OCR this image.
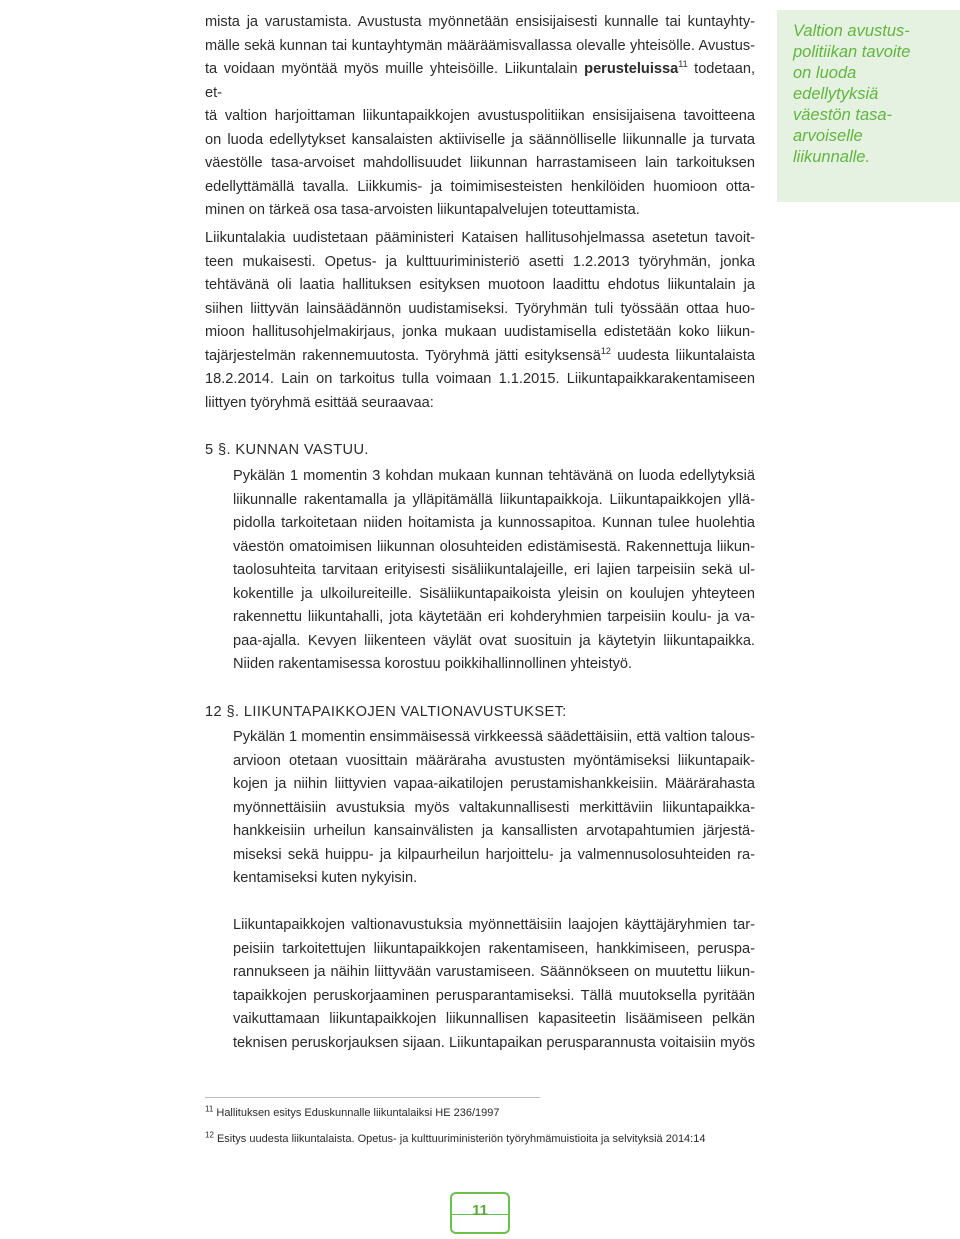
mista ja varustamista. Avustusta myönnetään ensisijaisesti kunnalle tai kuntayhty-
mälle sekä kunnan tai kuntayhtymän määräämisvallassa olevalle yhteisölle. Avustus-
ta voidaan myöntää myös muille yhteisöille. Liikuntalain perusteluissa$^{11}$ todetaan, et-
tä valtion harjoittaman liikuntapaikkojen avustuspolitiikan ensisijaisena tavoitteena
on luoda edellytykset kansalaisten aktiiviselle ja säännölliselle liikunnalle ja turvata
väestölle tasa-arvoiset mahdollisuudet liikunnan harrastamiseen lain tarkoituksen
edellyttämällä tavalla. Liikkumis- ja toimimisesteisten henkilöiden huomioon otta-
minen on tärkeä osa tasa-arvoisten liikuntapalvelujen toteuttamista.

Valtion avustus-
politiikan tavoite
on luoda
edellytyksiä
väestön tasa-
arvoiselle
liikunnalle.

Liikuntalakia uudistetaan pääministeri Kataisen hallitusohjelmassa asetetun tavoit-
teen mukaisesti. Opetus- ja kulttuuriministeriö asetti 1.2.2013 työryhmän, jonka
tehtävänä oli laatia hallituksen esityksen muotoon laadittu ehdotus liikuntalain ja
siihen liittyvän lainsäädännön uudistamiseksi. Työryhmän tuli työssään ottaa huo-
mioon hallitusohjelmakirjaus, jonka mukaan uudistamisella edistetään koko liikun-
tajärjestelmän rakennemuutosta. Työryhmä jätti esityksensä$^{12}$ uudesta liikuntalaista
18.2.2014. Lain on tarkoitus tulla voimaan 1.1.2015. Liikuntapaikkarakentamiseen
liittyen työryhmä esittää seuraavaa:

5 §. KUNNAN VASTUU.

Pykälän 1 momentin 3 kohdan mukaan kunnan tehtävänä on luoda edellytyksiä
liikunnalle rakentamalla ja ylläpitämällä liikuntapaikkoja. Liikuntapaikkojen yllä-
pidolla tarkoitetaan niiden hoitamista ja kunnossapitoa. Kunnan tulee huolehtia
väestön omatoimisen liikunnan olosuhteiden edistämisestä. Rakennettuja liikun-
taolosuhteita tarvitaan erityisesti sisäliikuntalajeille, eri lajien tarpeisiin sekä ul-
kokentille ja ulkoilureiteille. Sisäliikuntapaikoista yleisin on koulujen yhteyteen
rakennettu liikuntahalli, jota käytetään eri kohderyhmien tarpeisiin koulu- ja va-
paa-ajalla. Kevyen liikenteen väylät ovat suosituin ja käytetyin liikuntapaikka.
Niiden rakentamisessa korostuu poikkihallinnollinen yhteistyö.

12 §. LIIKUNTAPAIKKOJEN VALTIONAVUSTUKSET:

Pykälän 1 momentin ensimmäisessä virkkeessä säädettäisiin, että valtion talous-
arvioon otetaan vuosittain määräraha avustusten myöntämiseksi liikuntapaik-
kojen ja niihin liittyvien vapaa-aikatilojen perustamishankkeisiin. Määrärahasta
myönnettäisiin avustuksia myös valtakunnallisesti merkittäviin liikuntapaikka-
hankkeisiin urheilun kansainvälisten ja kansallisten arvotapahtumien järjestä-
miseksi sekä huippu- ja kilpaurheilun harjoittelu- ja valmennusolosuhteiden ra-
kentamiseksi kuten nykyisin.

Liikuntapaikkojen valtionavustuksia myönnettäisiin laajojen käyttäjäryhmien tar-
peisiin tarkoitettujen liikuntapaikkojen rakentamiseen, hankkimiseen, peruspa-
rannukseen ja näihin liittyvään varustamiseen. Säännökseen on muutettu liikun-
tapaikkojen peruskorjaaminen perusparantamiseksi. Tällä muutoksella pyritään
vaikuttamaan liikuntapaikkojen liikunnallisen kapasiteetin lisäämiseen pelkän
teknisen peruskorjauksen sijaan. Liikuntapaikan perusparannusta voitaisiin myös

$^{11}$ Hallituksen esitys Eduskunnalle liikuntalaiksi HE 236/1997

$^{12}$ Esitys uudesta liikuntalaista. Opetus- ja kulttuuriministeriön työryhmämuistioita ja selvityksiä 2014:14

11
